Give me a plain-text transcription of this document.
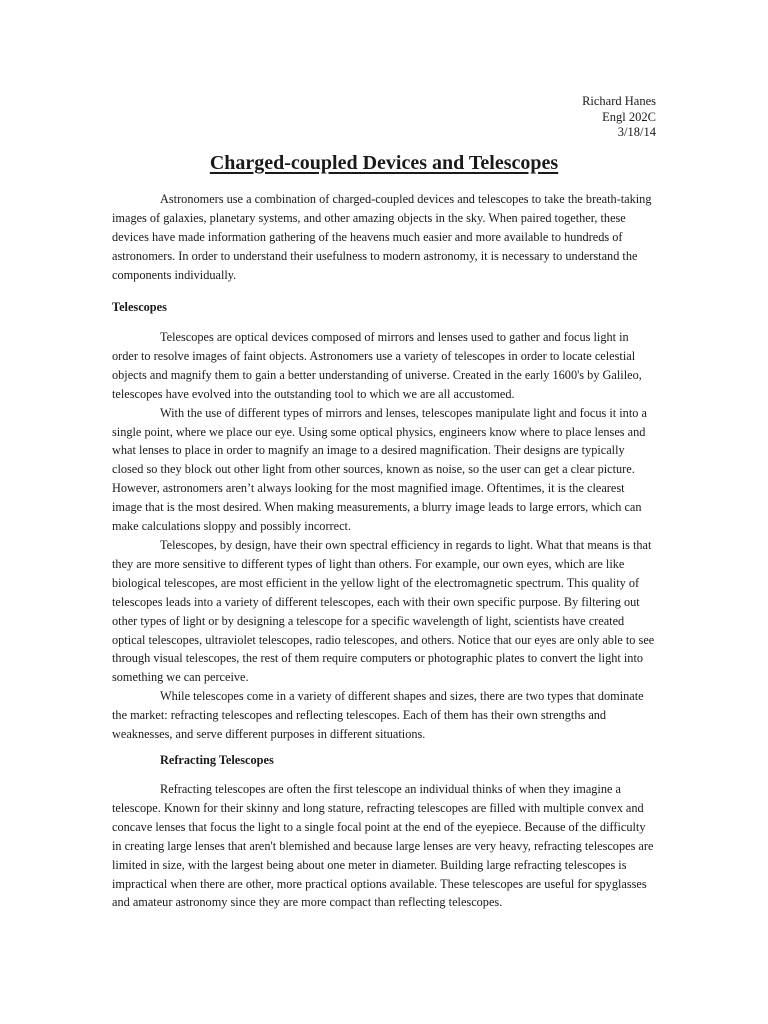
Richard Hanes
Engl 202C
3/18/14
Charged-coupled Devices and Telescopes

Astronomers use a combination of charged-coupled devices and telescopes to take the breath-taking images of galaxies, planetary systems, and other amazing objects in the sky. When paired together, these devices have made information gathering of the heavens much easier and more available to hundreds of astronomers. In order to understand their usefulness to modern astronomy, it is necessary to understand the components individually.

Telescopes

Telescopes are optical devices composed of mirrors and lenses used to gather and focus light in order to resolve images of faint objects. Astronomers use a variety of telescopes in order to locate celestial objects and magnify them to gain a better understanding of universe. Created in the early 1600's by Galileo, telescopes have evolved into the outstanding tool to which we are all accustomed.

With the use of different types of mirrors and lenses, telescopes manipulate light and focus it into a single point, where we place our eye. Using some optical physics, engineers know where to place lenses and what lenses to place in order to magnify an image to a desired magnification. Their designs are typically closed so they block out other light from other sources, known as noise, so the user can get a clear picture. However, astronomers aren’t always looking for the most magnified image. Oftentimes, it is the clearest image that is the most desired. When making measurements, a blurry image leads to large errors, which can make calculations sloppy and possibly incorrect.

Telescopes, by design, have their own spectral efficiency in regards to light. What that means is that they are more sensitive to different types of light than others. For example, our own eyes, which are like biological telescopes, are most efficient in the yellow light of the electromagnetic spectrum. This quality of telescopes leads into a variety of different telescopes, each with their own specific purpose. By filtering out other types of light or by designing a telescope for a specific wavelength of light, scientists have created optical telescopes, ultraviolet telescopes, radio telescopes, and others. Notice that our eyes are only able to see through visual telescopes, the rest of them require computers or photographic plates to convert the light into something we can perceive.

While telescopes come in a variety of different shapes and sizes, there are two types that dominate the market: refracting telescopes and reflecting telescopes. Each of them has their own strengths and weaknesses, and serve different purposes in different situations.

Refracting Telescopes

Refracting telescopes are often the first telescope an individual thinks of when they imagine a telescope. Known for their skinny and long stature, refracting telescopes are filled with multiple convex and concave lenses that focus the light to a single focal point at the end of the eyepiece. Because of the difficulty in creating large lenses that aren't blemished and because large lenses are very heavy, refracting telescopes are limited in size, with the largest being about one meter in diameter. Building large refracting telescopes is impractical when there are other, more practical options available. These telescopes are useful for spyglasses and amateur astronomy since they are more compact than reflecting telescopes.
